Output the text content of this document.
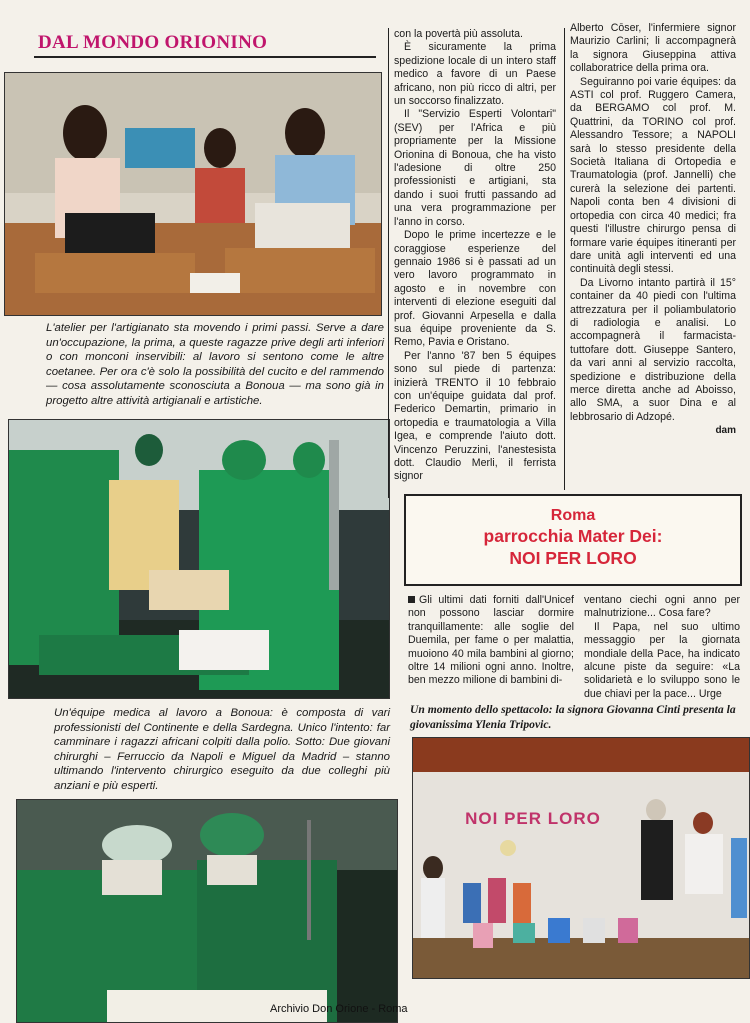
DAL MONDO ORIONINO
L'atelier per l'artigianato sta movendo i primi passi. Serve a dare un'occupazione, la prima, a queste ragazze prive degli arti inferiori o con monconi inservibili: al lavoro si sentono come le altre coetanee. Per ora c'è solo la possibilità del cucito e del rammendo — cosa assolutamente sconosciuta a Bonoua — ma sono già in progetto altre attività artigianali e artistiche.
Un'équipe medica al lavoro a Bonoua: è composta di vari professionisti del Continente e della Sardegna. Unico l'intento: far camminare i ragazzi africani colpiti dalla polio. Sotto: Due giovani chirurghi – Ferruccio da Napoli e Miguel da Madrid – stanno ultimando l'intervento chirurgico eseguito da due colleghi più anziani e più esperti.

con la povertà più assoluta.

È sicuramente la prima spedizione locale di un intero staff medico a favore di un Paese africano, non più ricco di altri, per un soccorso finalizzato.

Il "Servizio Esperti Volontari" (SEV) per l'Africa e più propriamente per la Missione Orionina di Bonoua, che ha visto l'adesione di oltre 250 professionisti e artigiani, sta dando i suoi frutti passando ad una vera programmazione per l'anno in corso.

Dopo le prime incertezze e le coraggiose esperienze del gennaio 1986 si è passati ad un vero lavoro programmato in agosto e in novembre con interventi di elezione eseguiti dal prof. Giovanni Arpesella e dalla sua équipe proveniente da S. Remo, Pavia e Oristano.

Per l'anno '87 ben 5 équipes sono sul piede di partenza: inizierà TRENTO il 10 febbraio con un'équipe guidata dal prof. Federico Demartin, primario in ortopedia e traumatologia a Villa Igea, e comprende l'aiuto dott. Vincenzo Peruzzini, l'anestesista dott. Claudio Merli, il ferrista signor

Alberto Cōser, l'infermiere signor Maurizio Carlini; li accompagnerà la signora Giuseppina attiva collaboratrice della prima ora.

Seguiranno poi varie équipes: da ASTI col prof. Ruggero Camera, da BERGAMO col prof. M. Quattrini, da TORINO col prof. Alessandro Tessore; a NAPOLI sarà lo stesso presidente della Società Italiana di Ortopedia e Traumatologia (prof. Jannelli) che curerà la selezione dei partenti. Napoli conta ben 4 divisioni di ortopedia con circa 40 medici; fra questi l'illustre chirurgo pensa di formare varie équipes itineranti per dare unità agli interventi ed una continuità degli stessi.

Da Livorno intanto partirà il 15° container da 40 piedi con l'ultima attrezzatura per il poliambulatorio di radiologia e analisi. Lo accompagnerà il farmacista-tuttofare dott. Giuseppe Santero, da vari anni al servizio raccolta, spedizione e distribuzione della merce diretta anche ad Aboisso, allo SMA, a suor Dina e al lebbrosario di Adzopé.

dam
Roma
parrocchia Mater Dei:
NOI PER LORO

Gli ultimi dati forniti dall'Unicef non possono lasciar dormire tranquillamente: alle soglie del Duemila, per fame o per malattia, muoiono 40 mila bambini al giorno; oltre 14 milioni ogni anno. Inoltre, ben mezzo milione di bambini di-

ventano ciechi ogni anno per malnutrizione... Cosa fare?

Il Papa, nel suo ultimo messaggio per la giornata mondiale della Pace, ha indicato alcune piste da seguire: «La solidarietà e lo sviluppo sono le due chiavi per la pace... Urge

Un momento dello spettacolo: la signora Giovanna Cinti presenta la giovanissima Ylenia Tripovic.
NOI PER LORO
Archivio Don Orione - Roma
